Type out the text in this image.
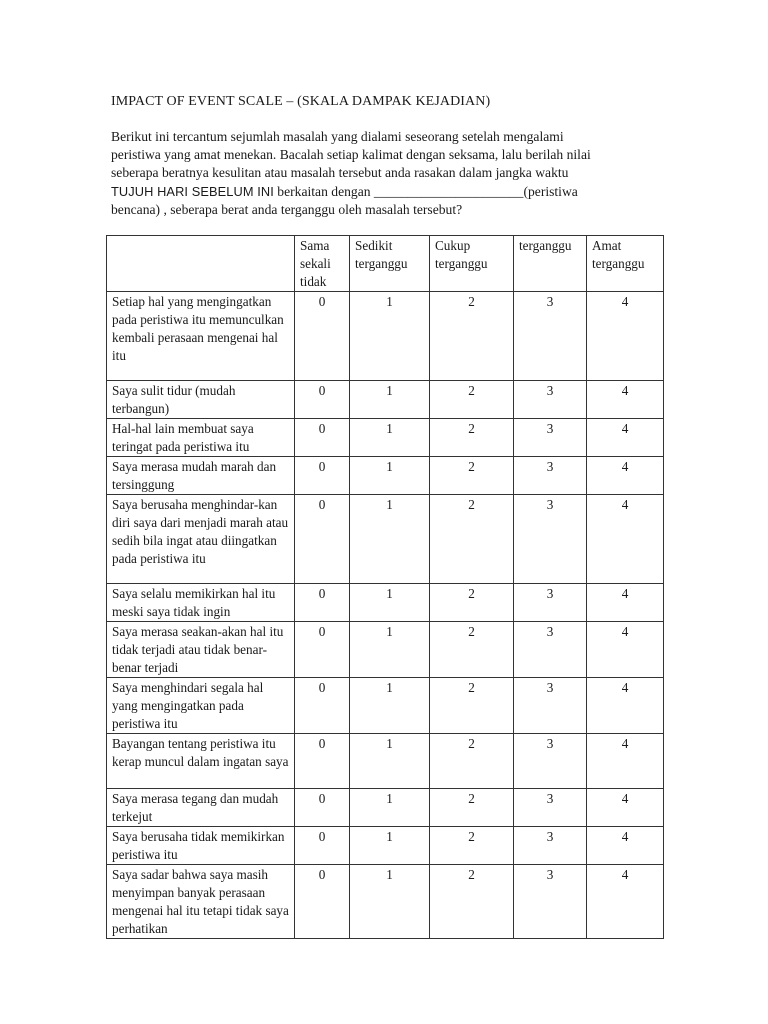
IMPACT OF EVENT SCALE – (SKALA DAMPAK KEJADIAN)
Berikut ini tercantum sejumlah masalah yang dialami seseorang setelah mengalami
peristiwa yang amat menekan. Bacalah setiap kalimat dengan seksama, lalu berilah nilai
seberapa beratnya kesulitan atau masalah tersebut anda rasakan dalam jangka waktu
TUJUH HARI SEBELUM INI berkaitan dengan ______________________(peristiwa
bencana) , seberapa berat anda terganggu oleh masalah tersebut?
	Sama sekali tidak	Sedikit terganggu	Cukup terganggu	terganggu	Amat terganggu
Setiap hal yang mengingatkan pada peristiwa itu memunculkan kembali perasaan mengenai hal itu	0	1	2	3	4
Saya sulit tidur (mudah terbangun)	0	1	2	3	4
Hal-hal lain membuat saya teringat pada peristiwa itu	0	1	2	3	4
Saya merasa mudah marah dan tersinggung	0	1	2	3	4
Saya berusaha menghindar-kan diri saya dari menjadi marah atau sedih bila ingat atau diingatkan pada peristiwa itu	0	1	2	3	4
Saya selalu memikirkan hal itu meski saya tidak ingin	0	1	2	3	4
Saya merasa seakan-akan hal itu tidak terjadi atau tidak benar-benar terjadi	0	1	2	3	4
Saya menghindari segala hal yang mengingatkan pada peristiwa itu	0	1	2	3	4
Bayangan tentang peristiwa itu kerap muncul dalam ingatan saya	0	1	2	3	4
Saya merasa tegang dan mudah terkejut	0	1	2	3	4
Saya berusaha tidak memikirkan peristiwa itu	0	1	2	3	4
Saya sadar bahwa saya masih menyimpan banyak perasaan mengenai hal itu tetapi tidak saya perhatikan	0	1	2	3	4
